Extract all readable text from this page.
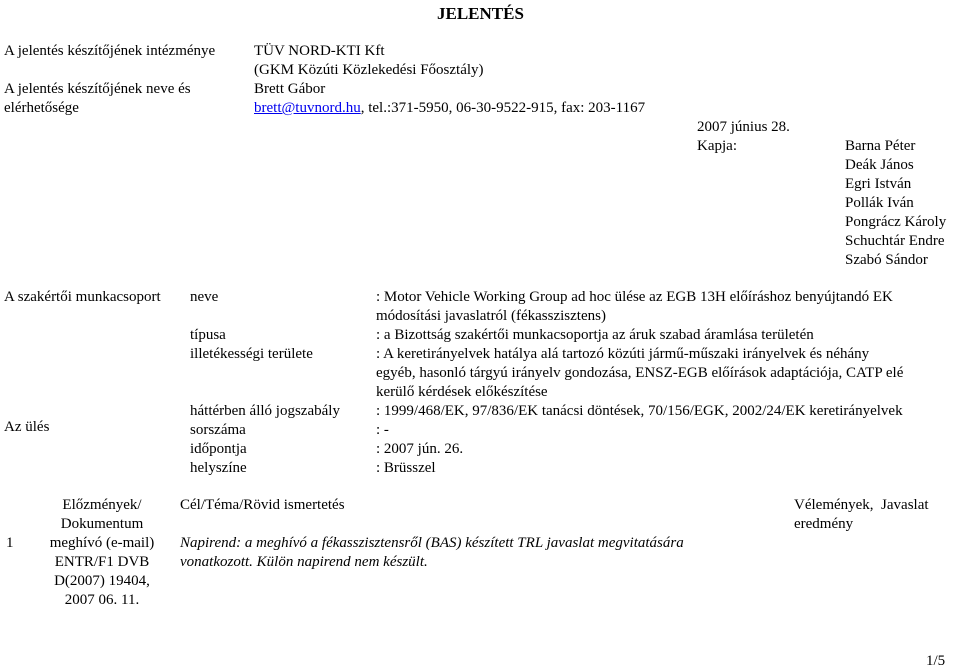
JELENTÉS
A jelentés készítőjének intézménye	TÜV NORD-KTI Kft
(GKM Közúti Közlekedési Főosztály)
A jelentés készítőjének neve és
elérhetősége
Brett Gábor
brett@tuvnord.hu, tel.:371-5950, 06-30-9522-915, fax: 203-1167
2007 június 28.
Kapja:	Barna Péter
Deák János
Egri István
Pollák Iván
Pongrácz Károly
Schuchtár Endre
Szabó Sándor
A szakértői munkacsoport
Az ülés
neve	: Motor Vehicle Working Group ad hoc ülése az EGB 13H előíráshoz benyújtandó EK
módosítási javaslatról (fékasszisztens)
típusa	: a Bizottság szakértői munkacsoportja az áruk szabad áramlása területén
illetékességi területe	: A keretirányelvek hatálya alá tartozó közúti jármű-műszaki irányelvek és néhány
egyéb, hasonló tárgyú irányelv gondozása, ENSZ-EGB előírások adaptációja, CATP elé
kerülő kérdések előkészítése
háttérben álló jogszabály : 1999/468/EK, 97/836/EK tanácsi döntések, 70/156/EGK, 2002/24/EK keretirányelvek
sorszáma	: -
időpontja	: 2007 jún. 26.
helyszíne	: Brüsszel
Előzmények/
Dokumentum
Cél/Téma/Rövid ismertetés	Vélemények,  Javaslat
eredmény
1	meghívó (e-mail)
ENTR/F1 DVB
D(2007) 19404,
2007 06. 11.
Napirend: a meghívó a fékasszisztensről (BAS) készített TRL javaslat megvitatására
vonatkozott. Külön napirend nem készült.
1/5
